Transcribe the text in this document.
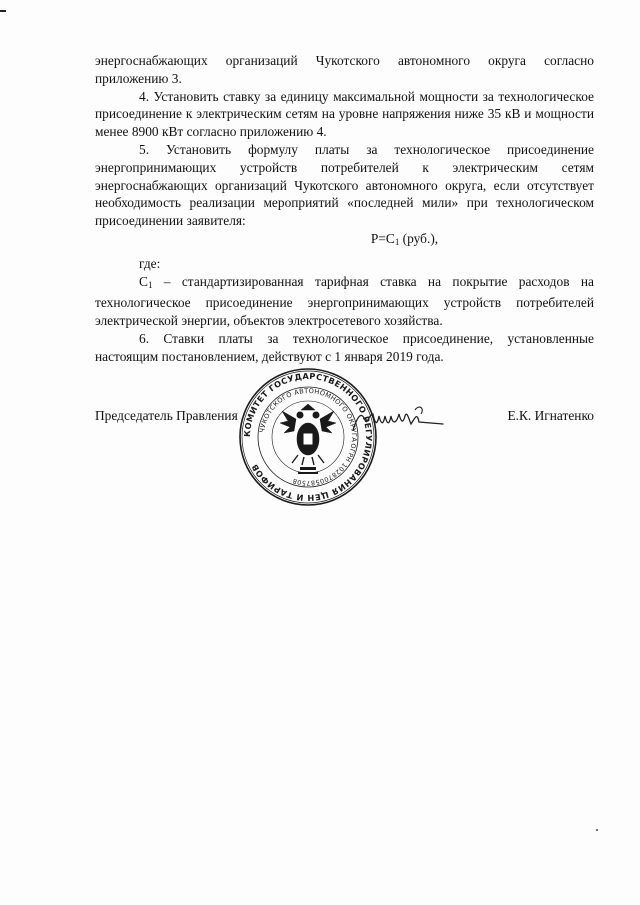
энергоснабжающих организаций Чукотского автономного округа согласно приложению 3.

4. Установить ставку за единицу максимальной мощности за технологическое присоединение к электрическим сетям на уровне напряжения ниже 35 кВ и мощности менее 8900 кВт согласно приложению 4.

5. Установить формулу платы за технологическое присоединение энергопринимающих устройств потребителей к электрическим сетям энергоснабжающих организаций Чукотского автономного округа, если отсутствует необходимость реализации мероприятий «последней мили» при технологическом присоединении заявителя:

$Р=С_1$ (руб.),

где:

$С_1$ – стандартизированная тарифная ставка на покрытие расходов на технологическое присоединение энергопринимающих устройств потребителей электрической энергии, объектов электросетевого хозяйства.

6. Ставки платы за технологическое присоединение, установленные настоящим постановлением, действуют с 1 января 2019 года.

Председатель Правления	Е.К. Игнатенко
КОМИТЕТ ГОСУДАРСТВЕННОГО РЕГУЛИРОВАНИЯ ЦЕН И ТАРИФОВ
ЧУКОТСКОГО АВТОНОМНОГО ОКРУГА
ОГРН 1028700587508
